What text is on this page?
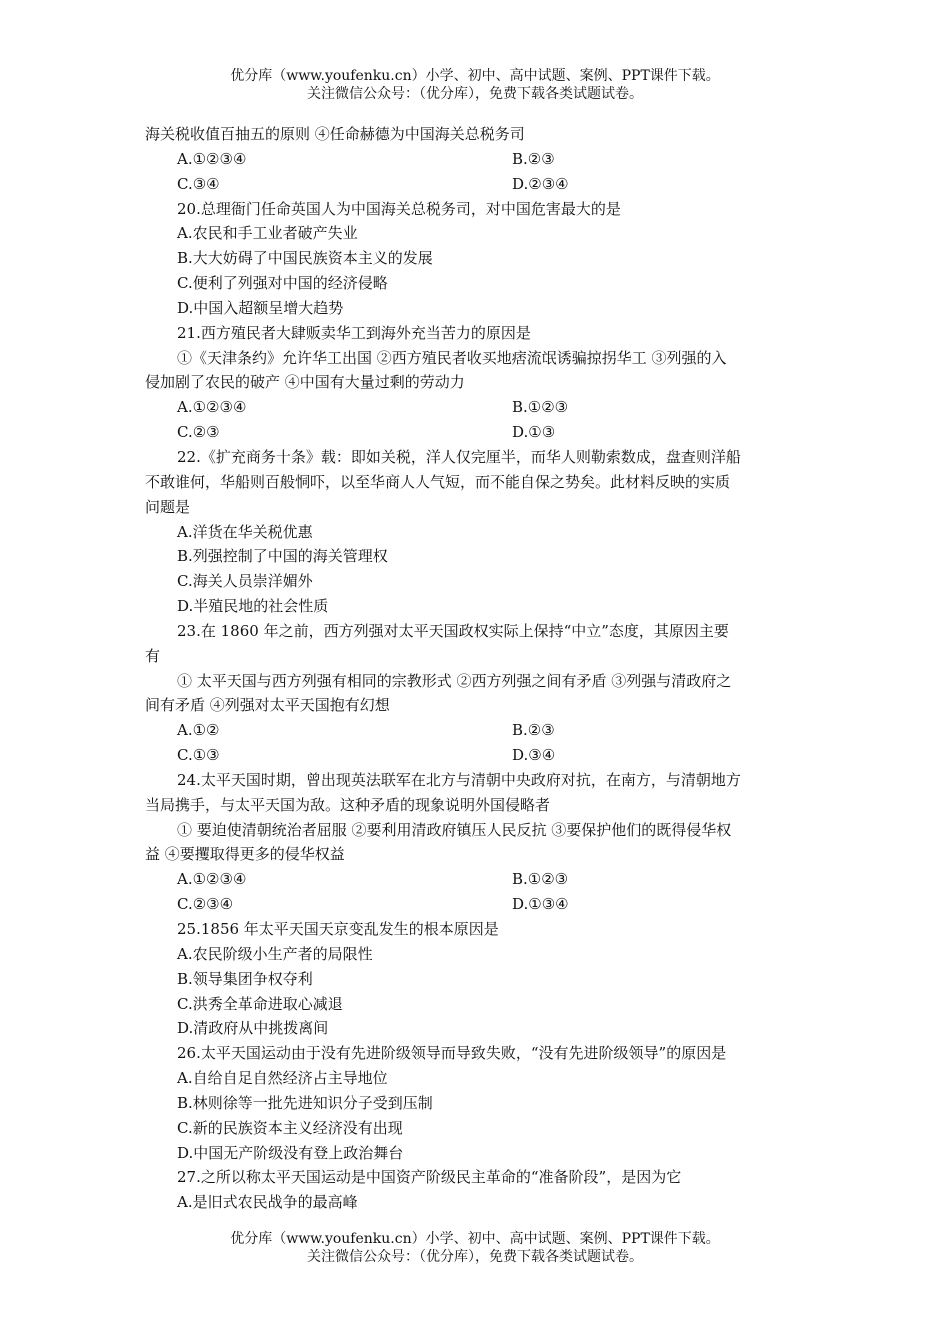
优分库（www.youfenku.cn）小学、初中、高中试题、案例、PPT课件下载。
关注微信公众号：（优分库），免费下载各类试题试卷。
海关税收值百抽五的原则 ④任命赫德为中国海关总税务司
A.①②③④	B.②③
C.③④	D.②③④
20.总理衙门任命英国人为中国海关总税务司，对中国危害最大的是
A.农民和手工业者破产失业
B.大大妨碍了中国民族资本主义的发展
C.便利了列强对中国的经济侵略
D.中国入超额呈增大趋势
21.西方殖民者大肆贩卖华工到海外充当苦力的原因是
①《天津条约》允许华工出国 ②西方殖民者收买地痞流氓诱骗掠拐华工 ③列强的入
侵加剧了农民的破产 ④中国有大量过剩的劳动力
A.①②③④	B.①②③
C.②③	D.①③
22.《扩充商务十条》载：即如关税，洋人仅完厘半，而华人则勒索数成，盘查则洋船
不敢谁何，华船则百般恫吓，以至华商人人气短，而不能自保之势矣。此材料反映的实质
问题是
A.洋货在华关税优惠
B.列强控制了中国的海关管理权
C.海关人员崇洋媚外
D.半殖民地的社会性质
23.在 1860 年之前，西方列强对太平天国政权实际上保持“中立”态度，其原因主要
有
① 太平天国与西方列强有相同的宗教形式 ②西方列强之间有矛盾 ③列强与清政府之
间有矛盾 ④列强对太平天国抱有幻想
A.①②	B.②③
C.①③	D.③④
24.太平天国时期，曾出现英法联军在北方与清朝中央政府对抗，在南方，与清朝地方
当局携手，与太平天国为敌。这种矛盾的现象说明外国侵略者
① 要迫使清朝统治者屈服 ②要利用清政府镇压人民反抗 ③要保护他们的既得侵华权
益 ④要攫取得更多的侵华权益
A.①②③④	B.①②③
C.②③④	D.①③④
25.1856 年太平天国天京变乱发生的根本原因是
A.农民阶级小生产者的局限性
B.领导集团争权夺利
C.洪秀全革命进取心减退
D.清政府从中挑拨离间
26.太平天国运动由于没有先进阶级领导而导致失败，“没有先进阶级领导”的原因是
A.自给自足自然经济占主导地位
B.林则徐等一批先进知识分子受到压制
C.新的民族资本主义经济没有出现
D.中国无产阶级没有登上政治舞台
27.之所以称太平天国运动是中国资产阶级民主革命的“准备阶段”，是因为它
A.是旧式农民战争的最高峰
优分库（www.youfenku.cn）小学、初中、高中试题、案例、PPT课件下载。
关注微信公众号：（优分库），免费下载各类试题试卷。
